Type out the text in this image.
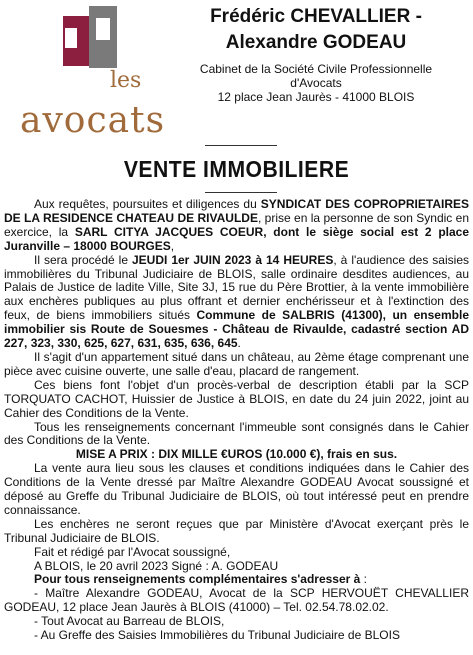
les
avocats
Frédéric CHEVALLIER -
Alexandre GODEAU
Cabinet de la Société Civile Professionnelle
d'Avocats
12 place Jean Jaurès - 41000 BLOIS
VENTE IMMOBILIERE

Aux requêtes, poursuites et diligences du SYNDICAT DES COPROPRIETAIRES DE LA RESIDENCE CHATEAU DE RIVAULDE, prise en la personne de son Syndic en exercice, la SARL CITYA JACQUES COEUR, dont le siège social est 2 place Juranville – 18000 BOURGES,

Il sera procédé le JEUDI 1er JUIN 2023 à 14 HEURES, à l'audience des saisies immobilières du Tribunal Judiciaire de BLOIS, salle ordinaire desdites audiences, au Palais de Justice de ladite Ville, Site 3J, 15 rue du Père Brottier, à la vente immobilière aux enchères publiques au plus offrant et dernier enchérisseur et à l'extinction des feux, de biens immobiliers situés Commune de SALBRIS (41300), un ensemble immobilier sis Route de Souesmes - Château de Rivaulde, cadastré section AD 227, 323, 330, 625, 627, 631, 635, 636, 645.

Il s'agit d'un appartement situé dans un château, au 2ème étage comprenant une pièce avec cuisine ouverte, une salle d'eau, placard de rangement.

Ces biens font l'objet d'un procès-verbal de description établi par la SCP TORQUATO CACHOT, Huissier de Justice à BLOIS, en date du 24 juin 2022, joint au Cahier des Conditions de la Vente.

Tous les renseignements concernant l'immeuble sont consignés dans le Cahier des Conditions de la Vente.

MISE A PRIX : DIX MILLE €UROS (10.000 €), frais en sus.

La vente aura lieu sous les clauses et conditions indiquées dans le Cahier des Conditions de la Vente dressé par Maître Alexandre GODEAU Avocat soussigné et déposé au Greffe du Tribunal Judiciaire de BLOIS, où tout intéressé peut en prendre connaissance.

Les enchères ne seront reçues que par Ministère d'Avocat exerçant près le Tribunal Judiciaire de BLOIS.

Fait et rédigé par l'Avocat soussigné,

A BLOIS, le 20 avril 2023 Signé : A. GODEAU

Pour tous renseignements complémentaires s'adresser à :

- Maître Alexandre GODEAU, Avocat de la SCP HERVOUËT CHEVALLIER GODEAU, 12 place Jean Jaurès à BLOIS (41000) – Tel. 02.54.78.02.02.

- Tout Avocat au Barreau de BLOIS,

- Au Greffe des Saisies Immobilières du Tribunal Judiciaire de BLOIS
